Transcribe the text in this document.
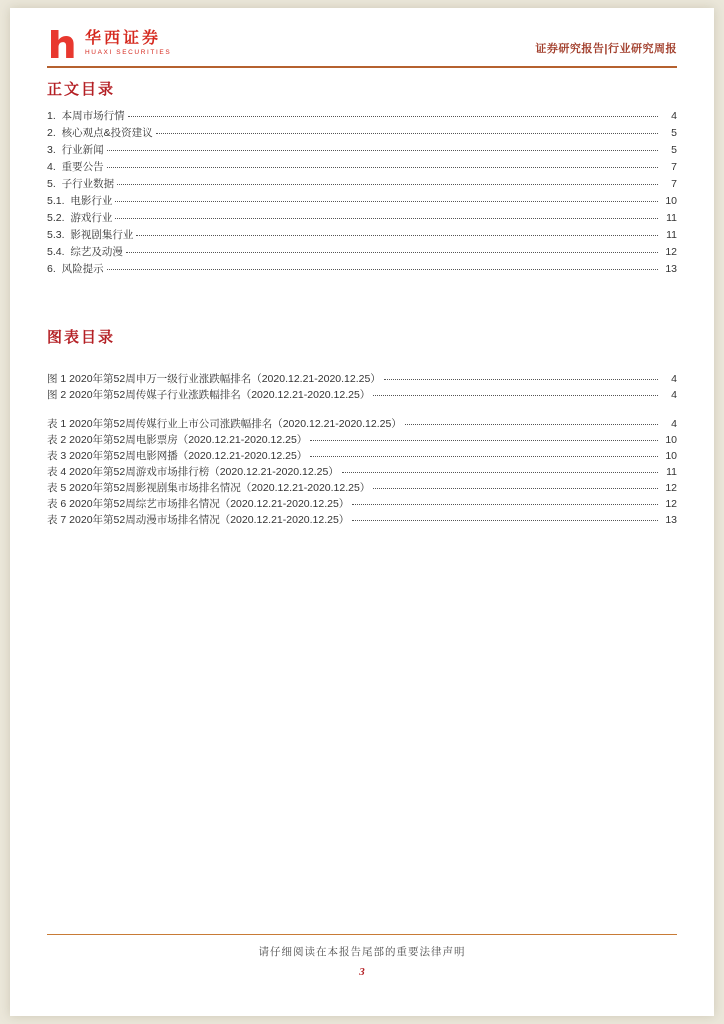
华西证券
HUAXI SECURITIES	证券研究报告|行业研究周报
正文目录
1.  本周市场行情	4
2.  核心观点&投资建议	5
3.  行业新闻	5
4.  重要公告	7
5.  子行业数据	7
5.1.  电影行业	10
5.2.  游戏行业	11
5.3.  影视剧集行业	11
5.4.  综艺及动漫	12
6.  风险提示	13
图表目录
图 1 2020年第52周申万一级行业涨跌幅排名（2020.12.21-2020.12.25）	4
图 2 2020年第52周传媒子行业涨跌幅排名（2020.12.21-2020.12.25）	4
表 1 2020年第52周传媒行业上市公司涨跌幅排名（2020.12.21-2020.12.25）	4
表 2 2020年第52周电影票房（2020.12.21-2020.12.25）	10
表 3 2020年第52周电影网播（2020.12.21-2020.12.25）	10
表 4 2020年第52周游戏市场排行榜（2020.12.21-2020.12.25）	11
表 5 2020年第52周影视剧集市场排名情况（2020.12.21-2020.12.25）	12
表 6 2020年第52周综艺市场排名情况（2020.12.21-2020.12.25）	12
表 7 2020年第52周动漫市场排名情况（2020.12.21-2020.12.25）	13
请仔细阅读在本报告尾部的重要法律声明
3
